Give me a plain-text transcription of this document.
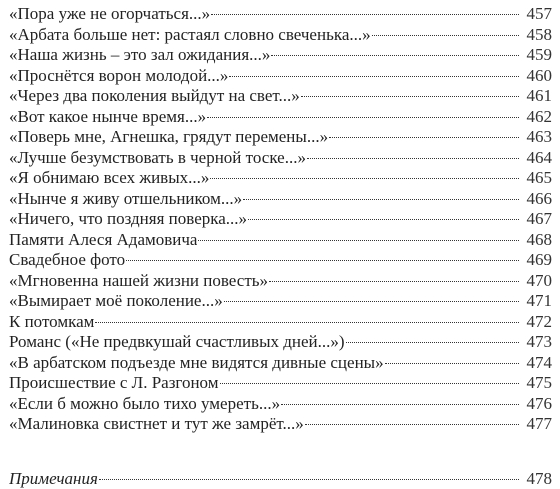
«Пора уже не огорчаться...»	457
«Арбата больше нет: растаял словно свеченька...»	458
«Наша жизнь – это зал ожидания...»	459
«Проснётся ворон молодой...»	460
«Через два поколения выйдут на свет...»	461
«Вот какое нынче время...»	462
«Поверь мне, Агнешка, грядут перемены...»	463
«Лучше безумствовать в черной тоске...»	464
«Я обнимаю всех живых...»	465
«Нынче я живу отшельником...»	466
«Ничего, что поздняя поверка...»	467
Памяти Алеся Адамовича	468
Свадебное фото	469
«Мгновенна нашей жизни повесть»	470
«Вымирает моё поколение...»	471
К потомкам	472
Романс («Не предвкушай счастливых дней...»)	473
«В арбатском подъезде мне видятся дивные сцены»	474
Происшествие с Л. Разгоном	475
«Если б можно было тихо умереть...»	476
«Малиновка свистнет и тут же замрёт...»	477
Примечания	478
